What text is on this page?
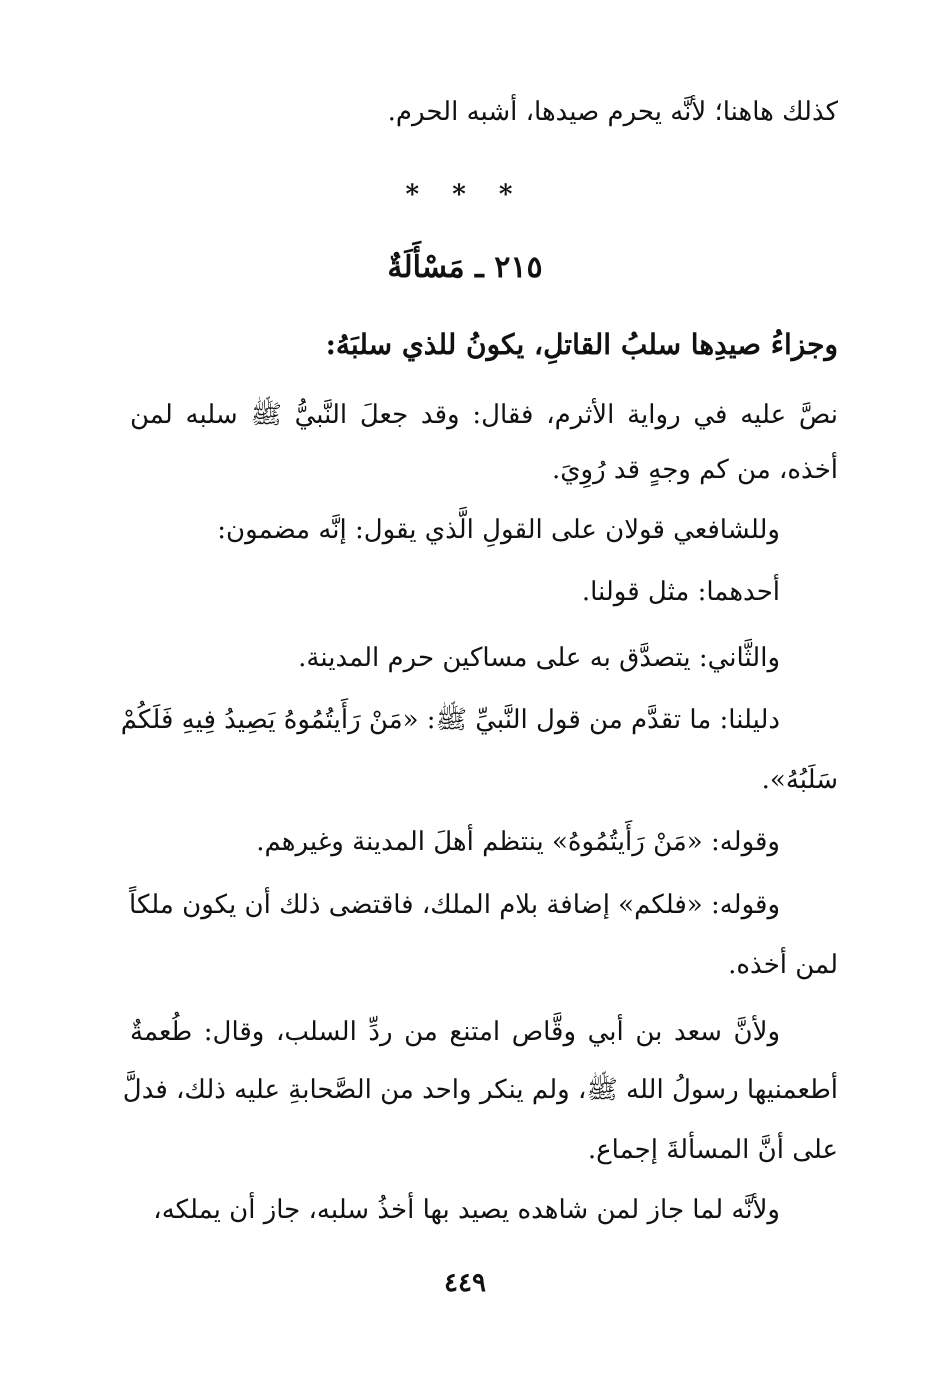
كذلك هاهنا؛ لأنَّه يحرم صيدها، أشبه الحرم.
* * *
٢١٥ ـ مَسْأَلَةٌ
وجزاءُ صيدِها سلبُ القاتلِ، يكونُ للذي سلبَهُ:
نصَّ عليه في رواية الأثرم، فقال: وقد جعلَ النَّبيُّ ﷺ سلبه لمن
أخذه، من كم وجهٍ قد رُوِيَ.
وللشافعي قولان على القولِ الَّذي يقول: إنَّه مضمون:
أحدهما: مثل قولنا.
والثَّاني: يتصدَّق به على مساكين حرم المدينة.
دليلنا: ما تقدَّم من قول النَّبيِّ ﷺ: «مَنْ رَأَيتُمُوهُ يَصِيدُ فِيهِ فَلَكُمْ
سَلَبُهُ».
وقوله: «مَنْ رَأَيتُمُوهُ» ينتظم أهلَ المدينة وغيرهم.
وقوله: «فلكم» إضافة بلام الملك، فاقتضى ذلك أن يكون ملكاً
لمن أخذه.
ولأنَّ سعد بن أبي وقَّاص امتنع من ردِّ السلب، وقال: طُعمةٌ
أطعمنيها رسولُ الله ﷺ، ولم ينكر واحد من الصَّحابةِ عليه ذلك، فدلَّ
على أنَّ المسألةَ إجماع.
ولأنَّه لما جاز لمن شاهده يصيد بها أخذُ سلبه، جاز أن يملكه،
٤٤٩
